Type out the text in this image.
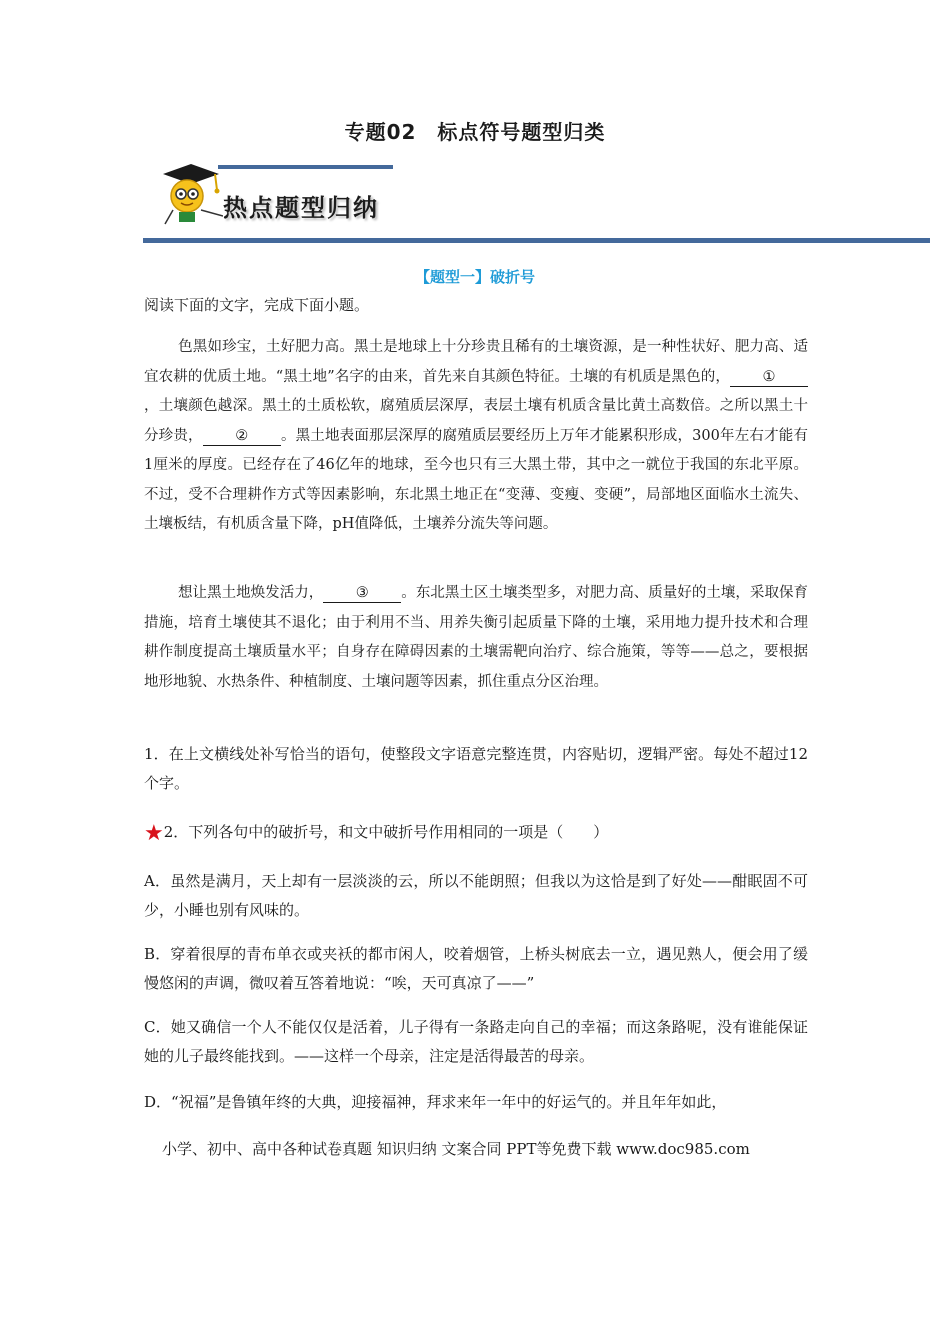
专题02　标点符号题型归类
热点题型归纳
【题型一】破折号
阅读下面的文字，完成下面小题。
色黑如珍宝，土好肥力高。黑土是地球上十分珍贵且稀有的土壤资源，是一种性状好、肥力高、适宜农耕的优质土地。“黑土地”名字的由来，首先来自其颜色特征。土壤的有机质是黑色的， ①，土壤颜色越深。黑土的土质松软，腐殖质层深厚，表层土壤有机质含量比黄土高数倍。之所以黑土十分珍贵， ② 。黑土地表面那层深厚的腐殖质层要经历上万年才能累积形成，300年左右才能有1厘米的厚度。已经存在了46亿年的地球，至今也只有三大黑土带，其中之一就位于我国的东北平原。不过，受不合理耕作方式等因素影响，东北黑土地正在“变薄、变瘦、变硬”，局部地区面临水土流失、土壤板结，有机质含量下降，pH值降低，土壤养分流失等问题。
想让黑土地焕发活力， ③ 。东北黑土区土壤类型多，对肥力高、质量好的土壤，采取保育措施，培育土壤使其不退化；由于利用不当、用养失衡引起质量下降的土壤，采用地力提升技术和合理耕作制度提高土壤质量水平；自身存在障碍因素的土壤需靶向治疗、综合施策，等等——总之，要根据地形地貌、水热条件、种植制度、土壤问题等因素，抓住重点分区治理。
1．在上文横线处补写恰当的语句，使整段文字语意完整连贯，内容贴切，逻辑严密。每处不超过12个字。
★2．下列各句中的破折号，和文中破折号作用相同的一项是（　　）
A．虽然是满月，天上却有一层淡淡的云，所以不能朗照；但我以为这恰是到了好处——酣眠固不可少，小睡也别有风味的。
B．穿着很厚的青布单衣或夹袄的都市闲人，咬着烟管，上桥头树底去一立，遇见熟人，便会用了缓慢悠闲的声调，微叹着互答着地说：“唉，天可真凉了——”
C．她又确信一个人不能仅仅是活着，儿子得有一条路走向自己的幸福；而这条路呢，没有谁能保证她的儿子最终能找到。——这样一个母亲，注定是活得最苦的母亲。
D．“祝福”是鲁镇年终的大典，迎接福神，拜求来年一年中的好运气的。并且年年如此，
小学、初中、高中各种试卷真题 知识归纳 文案合同 PPT等免费下载 www.doc985.com
